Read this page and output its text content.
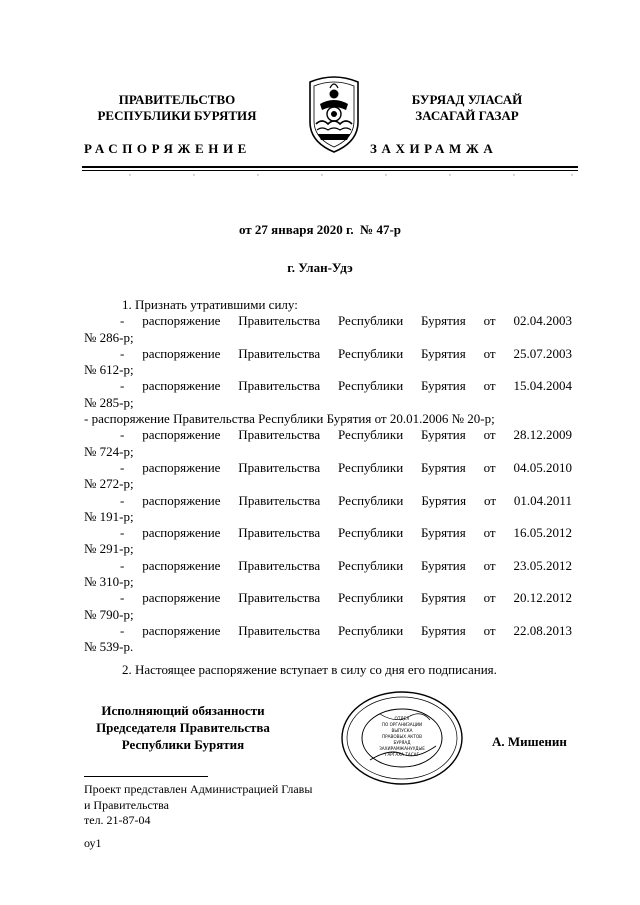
ПРАВИТЕЛЬСТВО
РЕСПУБЛИКИ БУРЯТИЯ
БУРЯАД УЛАСАЙ
ЗАСАГАЙ ГАЗАР
РАСПОРЯЖЕНИЕ	ЗАХИРАМЖА
от 27 января 2020 г.  № 47-р
г. Улан-Удэ
1. Признать утратившими силу:
- распоряжение Правительства Республики Бурятия от 02.04.2003
№ 286-р;
- распоряжение Правительства Республики Бурятия от 25.07.2003
№ 612-р;
- распоряжение Правительства Республики Бурятия от 15.04.2004
№ 285-р;
- распоряжение Правительства Республики Бурятия от 20.01.2006 № 20-р;
- распоряжение Правительства Республики Бурятия от 28.12.2009
№ 724-р;
- распоряжение Правительства Республики Бурятия от 04.05.2010
№ 272-р;
- распоряжение Правительства Республики Бурятия от 01.04.2011
№ 191-р;
- распоряжение Правительства Республики Бурятия от 16.05.2012
№ 291-р;
- распоряжение Правительства Республики Бурятия от 23.05.2012
№ 310-р;
- распоряжение Правительства Республики Бурятия от 20.12.2012
№ 790-р;
- распоряжение Правительства Республики Бурятия от 22.08.2013
№ 539-р.
2. Настоящее распоряжение вступает в силу со дня его подписания.
Исполняющий обязанности
Председателя Правительства
Республики Бурятия
ОТДЕЛ
ПО ОРГАНИЗАЦИИ
ВЫПУСКА
ПРАВОВЫХ АКТОВ
БУРЯАД
ЗАХИРАМЖАНУУДЫЕ
ГАРГАХА ТАСАГ
А. Мишенин
Проект представлен Администрацией Главы
и Правительства
тел. 21-87-04
оу1
